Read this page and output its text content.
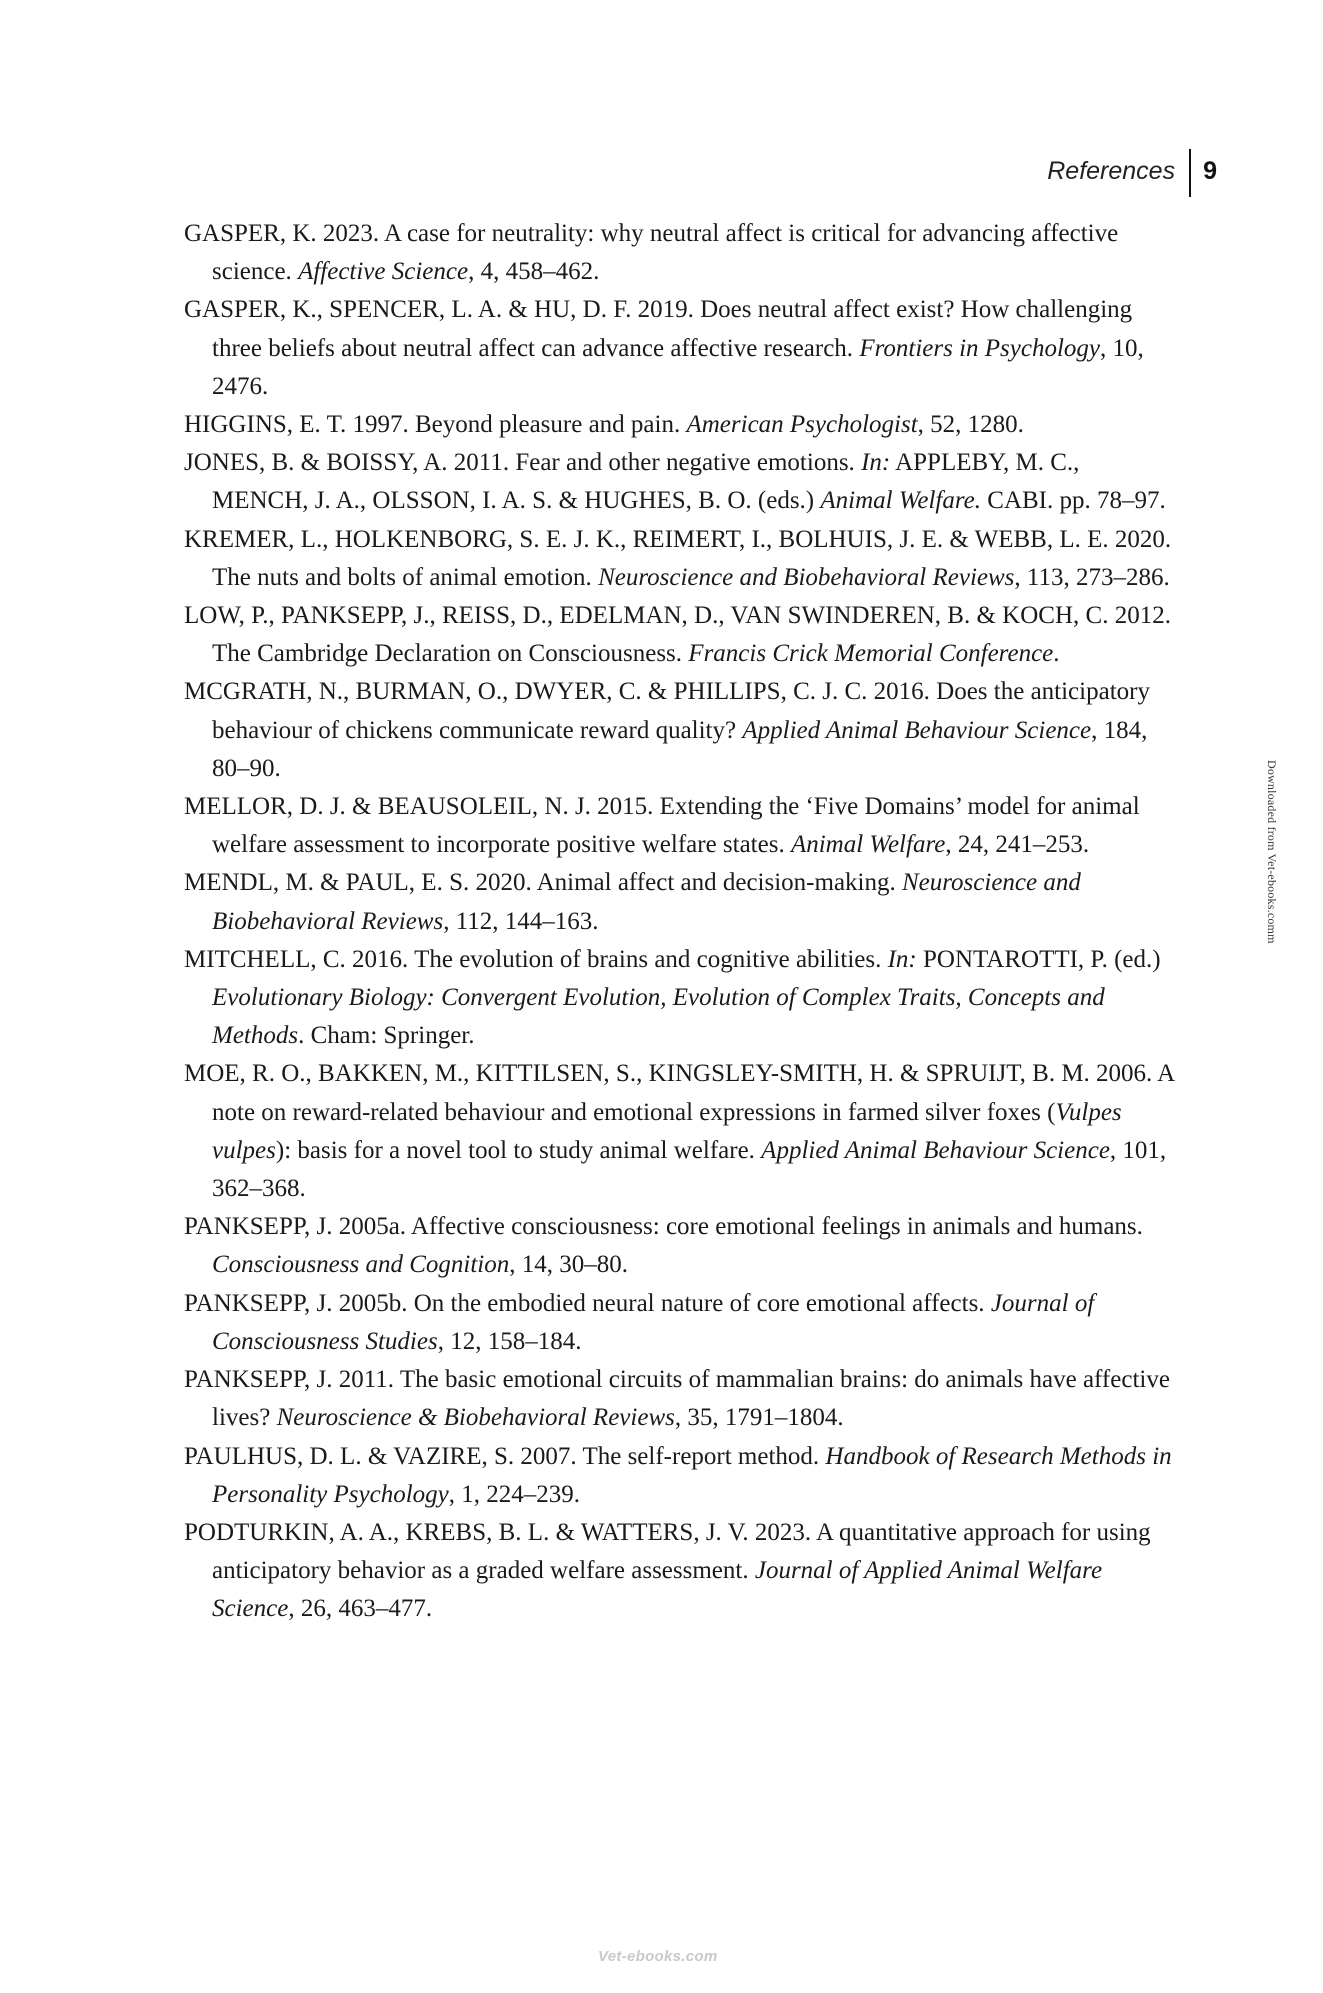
References	9
GASPER, K. 2023. A case for neutrality: why neutral affect is critical for advancing affective science. Affective Science, 4, 458–462.
GASPER, K., SPENCER, L. A. & HU, D. F. 2019. Does neutral affect exist? How challenging three beliefs about neutral affect can advance affective research. Frontiers in Psychology, 10, 2476.
HIGGINS, E. T. 1997. Beyond pleasure and pain. American Psychologist, 52, 1280.
JONES, B. & BOISSY, A. 2011. Fear and other negative emotions. In: APPLEBY, M. C., MENCH, J. A., OLSSON, I. A. S. & HUGHES, B. O. (eds.) Animal Welfare. CABI. pp. 78–97.
KREMER, L., HOLKENBORG, S. E. J. K., REIMERT, I., BOLHUIS, J. E. & WEBB, L. E. 2020. The nuts and bolts of animal emotion. Neuroscience and Biobehavioral Reviews, 113, 273–286.
LOW, P., PANKSEPP, J., REISS, D., EDELMAN, D., VAN SWINDEREN, B. & KOCH, C. 2012. The Cambridge Declaration on Consciousness. Francis Crick Memorial Conference.
MCGRATH, N., BURMAN, O., DWYER, C. & PHILLIPS, C. J. C. 2016. Does the anticipatory behaviour of chickens communicate reward quality? Applied Animal Behaviour Science, 184, 80–90.
MELLOR, D. J. & BEAUSOLEIL, N. J. 2015. Extending the ‘Five Domains’ model for animal welfare assessment to incorporate positive welfare states. Animal Welfare, 24, 241–253.
MENDL, M. & PAUL, E. S. 2020. Animal affect and decision-making. Neuroscience and Biobehavioral Reviews, 112, 144–163.
MITCHELL, C. 2016. The evolution of brains and cognitive abilities. In: PONTAROTTI, P. (ed.) Evolutionary Biology: Convergent Evolution, Evolution of Complex Traits, Concepts and Methods. Cham: Springer.
MOE, R. O., BAKKEN, M., KITTILSEN, S., KINGSLEY-SMITH, H. & SPRUIJT, B. M. 2006. A note on reward-related behaviour and emotional expressions in farmed silver foxes (Vulpes vulpes): basis for a novel tool to study animal welfare. Applied Animal Behaviour Science, 101, 362–368.
PANKSEPP, J. 2005a. Affective consciousness: core emotional feelings in animals and humans. Consciousness and Cognition, 14, 30–80.
PANKSEPP, J. 2005b. On the embodied neural nature of core emotional affects. Journal of Consciousness Studies, 12, 158–184.
PANKSEPP, J. 2011. The basic emotional circuits of mammalian brains: do animals have affective lives? Neuroscience & Biobehavioral Reviews, 35, 1791–1804.
PAULHUS, D. L. & VAZIRE, S. 2007. The self-report method. Handbook of Research Methods in Personality Psychology, 1, 224–239.
PODTURKIN, A. A., KREBS, B. L. & WATTERS, J. V. 2023. A quantitative approach for using anticipatory behavior as a graded welfare assessment. Journal of Applied Animal Welfare Science, 26, 463–477.
Downloaded from Vet-ebooks.comm
Vet-ebooks.com
